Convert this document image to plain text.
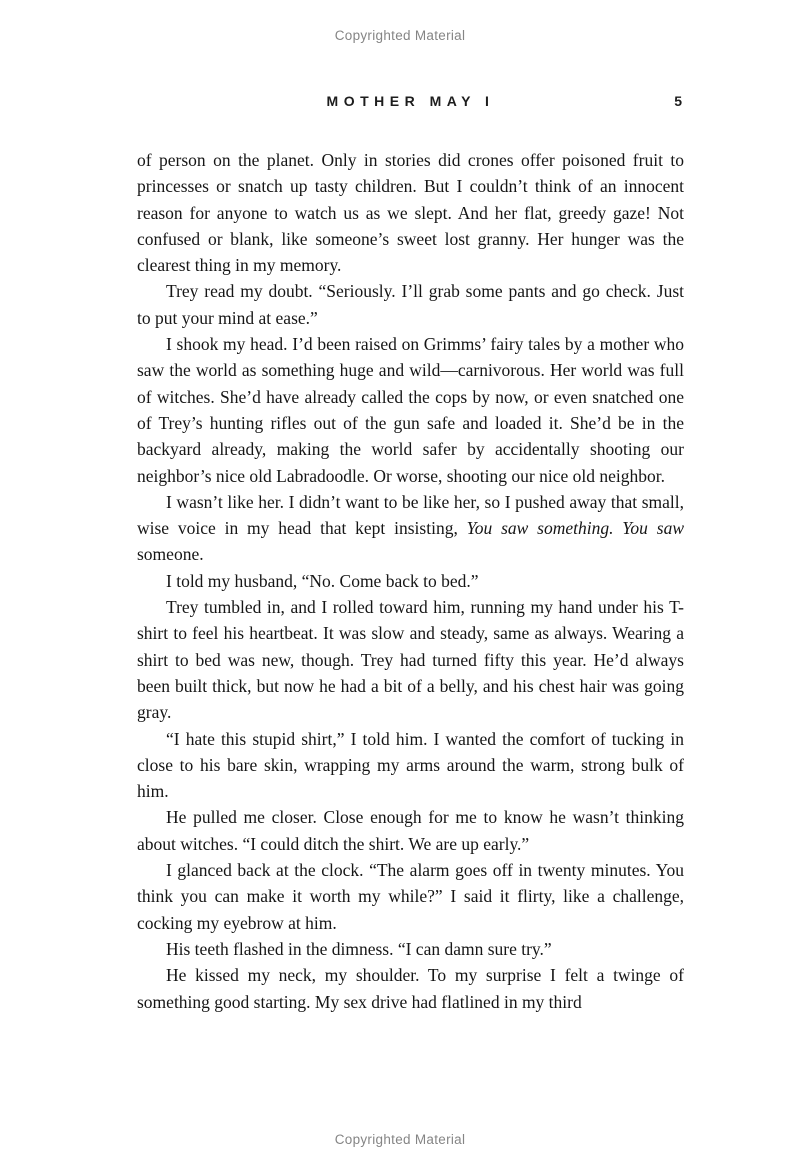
Copyrighted Material
MOTHER MAY I	5

of person on the planet. Only in stories did crones offer poisoned fruit to princesses or snatch up tasty children. But I couldn’t think of an innocent reason for anyone to watch us as we slept. And her flat, greedy gaze! Not confused or blank, like someone’s sweet lost granny. Her hunger was the clearest thing in my memory.

Trey read my doubt. “Seriously. I’ll grab some pants and go check. Just to put your mind at ease.”

I shook my head. I’d been raised on Grimms’ fairy tales by a mother who saw the world as something huge and wild—carnivorous. Her world was full of witches. She’d have already called the cops by now, or even snatched one of Trey’s hunting rifles out of the gun safe and loaded it. She’d be in the backyard already, making the world safer by accidentally shooting our neighbor’s nice old Labradoodle. Or worse, shooting our nice old neighbor.

I wasn’t like her. I didn’t want to be like her, so I pushed away that small, wise voice in my head that kept insisting, You saw something. You saw someone.

I told my husband, “No. Come back to bed.”

Trey tumbled in, and I rolled toward him, running my hand under his T-shirt to feel his heartbeat. It was slow and steady, same as always. Wearing a shirt to bed was new, though. Trey had turned fifty this year. He’d always been built thick, but now he had a bit of a belly, and his chest hair was going gray.

“I hate this stupid shirt,” I told him. I wanted the comfort of tucking in close to his bare skin, wrapping my arms around the warm, strong bulk of him.

He pulled me closer. Close enough for me to know he wasn’t thinking about witches. “I could ditch the shirt. We are up early.”

I glanced back at the clock. “The alarm goes off in twenty minutes. You think you can make it worth my while?” I said it flirty, like a challenge, cocking my eyebrow at him.

His teeth flashed in the dimness. “I can damn sure try.”

He kissed my neck, my shoulder. To my surprise I felt a twinge of something good starting. My sex drive had flatlined in my third

Copyrighted Material
